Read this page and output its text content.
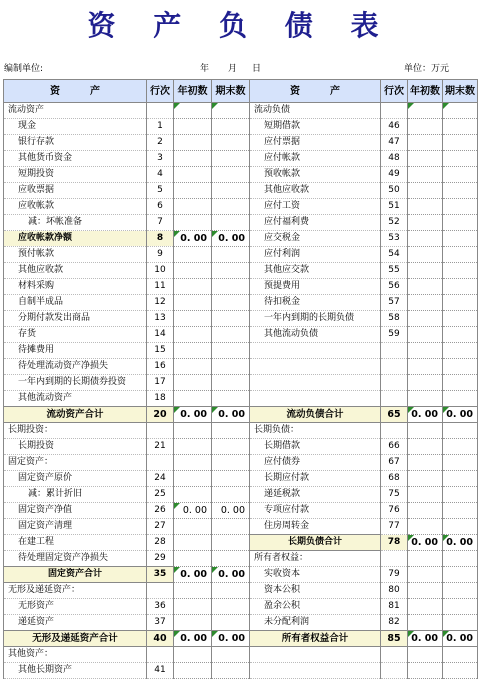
资 产 负 债 表
编制单位:	年 月 日	单位：万元
资　　　产	行次	年初数	期末数	资　　　产	行次	年初数	期末数
流动资产				流动负债			
现金	1			短期借款	46		
银行存款	2			应付票据	47		
其他货币资金	3			应付帐款	48		
短期投资	4			预收帐款	49		
应收票据	5			其他应收款	50		
应收帐款	6			应付工资	51		
减：坏帐准备	7			应付福利费	52		
应收帐款净额	8	0. 00	0. 00	应交税金	53		
预付帐款	9			应付利润	54		
其他应收款	10			其他应交款	55		
材料采购	11			预提费用	56		
自制半成品	12			待扣税金	57		
分期付款发出商品	13			一年内到期的长期负债	58		
存货	14			其他流动负债	59		
待摊费用	15						
待处理流动资产净损失	16						
一年内到期的长期债券投资	17						
其他流动资产	18						
流动资产合计	20	0. 00	0. 00	流动负债合计	65	0. 00	0. 00
长期投资：				长期负债：			
长期投资	21			长期借款	66		
固定资产：				应付债券	67		
固定资产原价	24			长期应付款	68		
减：累计折旧	25			递延税款	75		
固定资产净值	26	0. 00	0. 00	专项应付款	76		
固定资产清理	27			住房周转金	77		
在建工程	28			长期负债合计	78	0. 00	0. 00
待处理固定资产净损失	29			所有者权益：			
固定资产合计	35	0. 00	0. 00	实收资本	79		
无形及递延资产：				资本公积	80		
无形资产	36			盈余公积	81		
递延资产	37			未分配利润	82		
无形及递延资产合计	40	0. 00	0. 00	所有者权益合计	85	0. 00	0. 00
其他资产：							
其他长期资产	41						
